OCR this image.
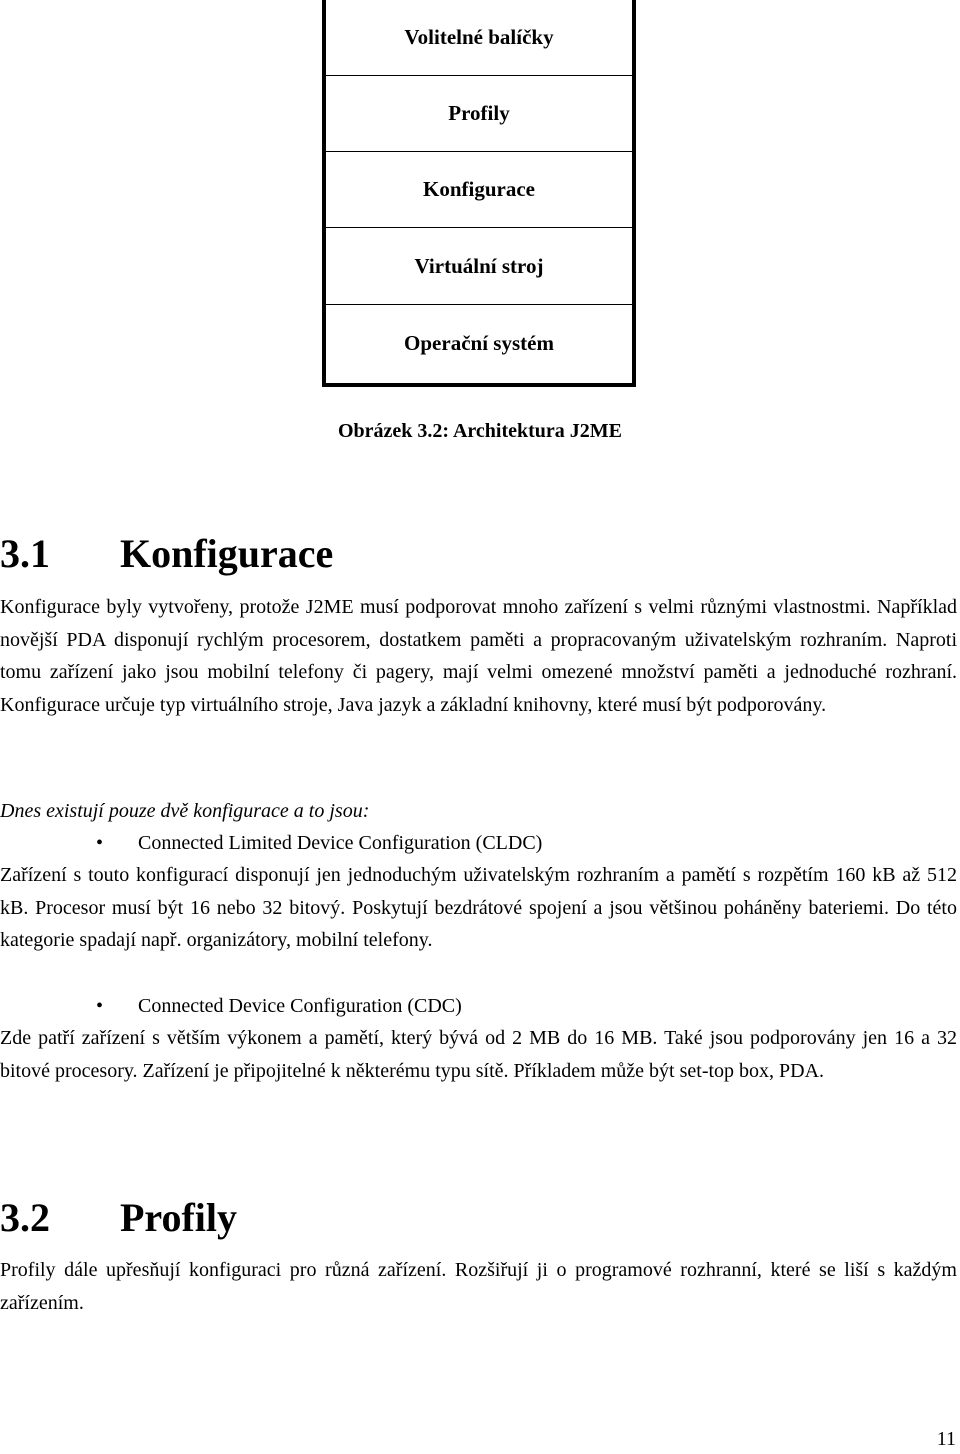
Volitelné balíčky
Profily
Konfigurace
Virtuální stroj
Operační systém
Obrázek 3.2: Architektura J2ME
3.1 Konfigurace

Konfigurace byly vytvořeny, protože J2ME musí podporovat mnoho zařízení s velmi různými vlastnostmi. Například novější PDA disponují rychlým procesorem, dostatkem paměti a propracovaným uživatelským rozhraním. Naproti tomu zařízení jako jsou mobilní telefony či pagery, mají velmi omezené množství paměti a jednoduché rozhraní. Konfigurace určuje typ virtuálního stroje, Java jazyk a základní knihovny, které musí být podporovány.

Dnes existují pouze dvě konfigurace a to jsou:
• Connected Limited Device Configuration (CLDC)

Zařízení s touto konfigurací disponují jen jednoduchým uživatelským rozhraním a pamětí s rozpětím 160 kB až 512 kB. Procesor musí být 16 nebo 32 bitový. Poskytují bezdrátové spojení a jsou většinou poháněny bateriemi. Do této kategorie spadají např. organizátory, mobilní telefony.

• Connected Device Configuration (CDC)

Zde patří zařízení s větším výkonem a pamětí, který bývá od 2 MB do 16 MB. Také jsou podporovány jen 16 a 32 bitové procesory. Zařízení je připojitelné k některému typu sítě. Příkladem může být set-top box, PDA.

3.2 Profily

Profily dále upřesňují konfiguraci pro různá zařízení. Rozšiřují ji o programové rozhranní, které se liší s každým zařízením.

11
